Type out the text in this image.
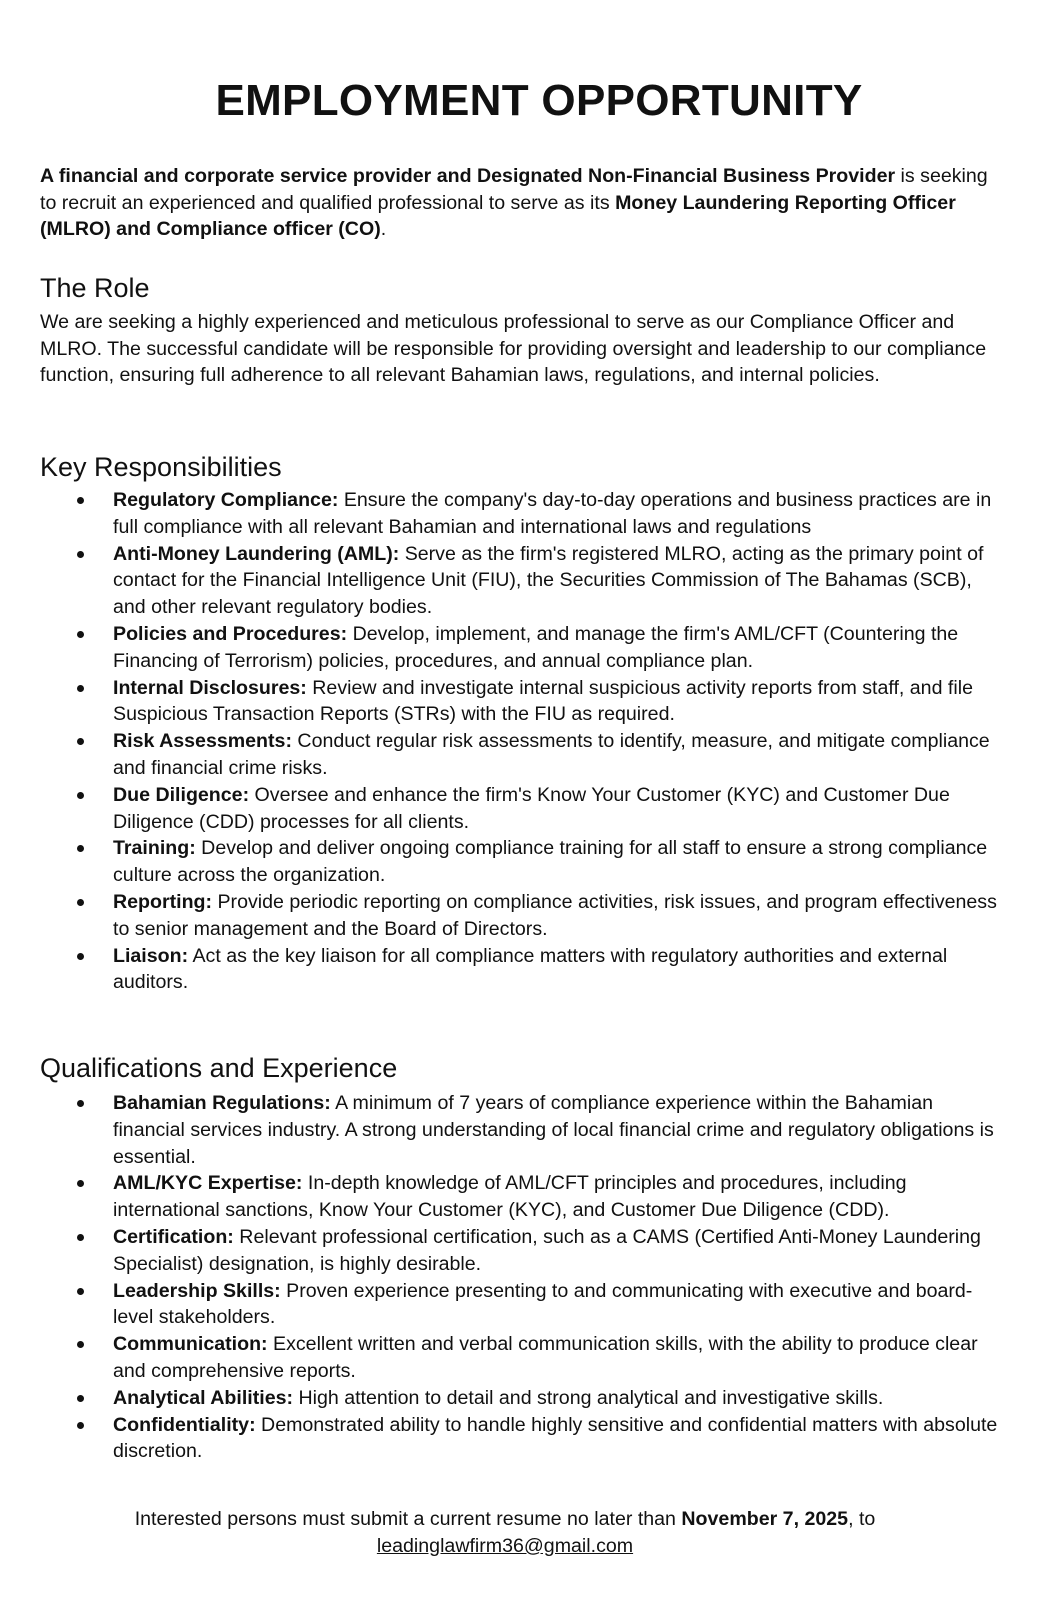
EMPLOYMENT OPPORTUNITY

A financial and corporate service provider and Designated Non-Financial Business Provider is seeking to recruit an experienced and qualified professional to serve as its Money Laundering Reporting Officer (MLRO) and Compliance officer (CO).

The Role

We are seeking a highly experienced and meticulous professional to serve as our Compliance Officer and MLRO. The successful candidate will be responsible for providing oversight and leadership to our compliance function, ensuring full adherence to all relevant Bahamian laws, regulations, and internal policies.

Key Responsibilities
Regulatory Compliance: Ensure the company's day-to-day operations and business practices are in full compliance with all relevant Bahamian and international laws and regulations
Anti-Money Laundering (AML): Serve as the firm's registered MLRO, acting as the primary point of contact for the Financial Intelligence Unit (FIU), the Securities Commission of The Bahamas (SCB), and other relevant regulatory bodies.
Policies and Procedures: Develop, implement, and manage the firm's AML/CFT (Countering the Financing of Terrorism) policies, procedures, and annual compliance plan.
Internal Disclosures: Review and investigate internal suspicious activity reports from staff, and file Suspicious Transaction Reports (STRs) with the FIU as required.
Risk Assessments: Conduct regular risk assessments to identify, measure, and mitigate compliance and financial crime risks.
Due Diligence: Oversee and enhance the firm's Know Your Customer (KYC) and Customer Due Diligence (CDD) processes for all clients.
Training: Develop and deliver ongoing compliance training for all staff to ensure a strong compliance culture across the organization.
Reporting: Provide periodic reporting on compliance activities, risk issues, and program effectiveness to senior management and the Board of Directors.
Liaison: Act as the key liaison for all compliance matters with regulatory authorities and external auditors.
Qualifications and Experience
Bahamian Regulations: A minimum of 7 years of compliance experience within the Bahamian financial services industry. A strong understanding of local financial crime and regulatory obligations is essential.
AML/KYC Expertise: In-depth knowledge of AML/CFT principles and procedures, including international sanctions, Know Your Customer (KYC), and Customer Due Diligence (CDD).
Certification: Relevant professional certification, such as a CAMS (Certified Anti-Money Laundering Specialist) designation, is highly desirable.
Leadership Skills: Proven experience presenting to and communicating with executive and board-level stakeholders.
Communication: Excellent written and verbal communication skills, with the ability to produce clear and comprehensive reports.
Analytical Abilities: High attention to detail and strong analytical and investigative skills.
Confidentiality: Demonstrated ability to handle highly sensitive and confidential matters with absolute discretion.
Interested persons must submit a current resume no later than November 7, 2025, to
leadinglawfirm36@gmail.com
